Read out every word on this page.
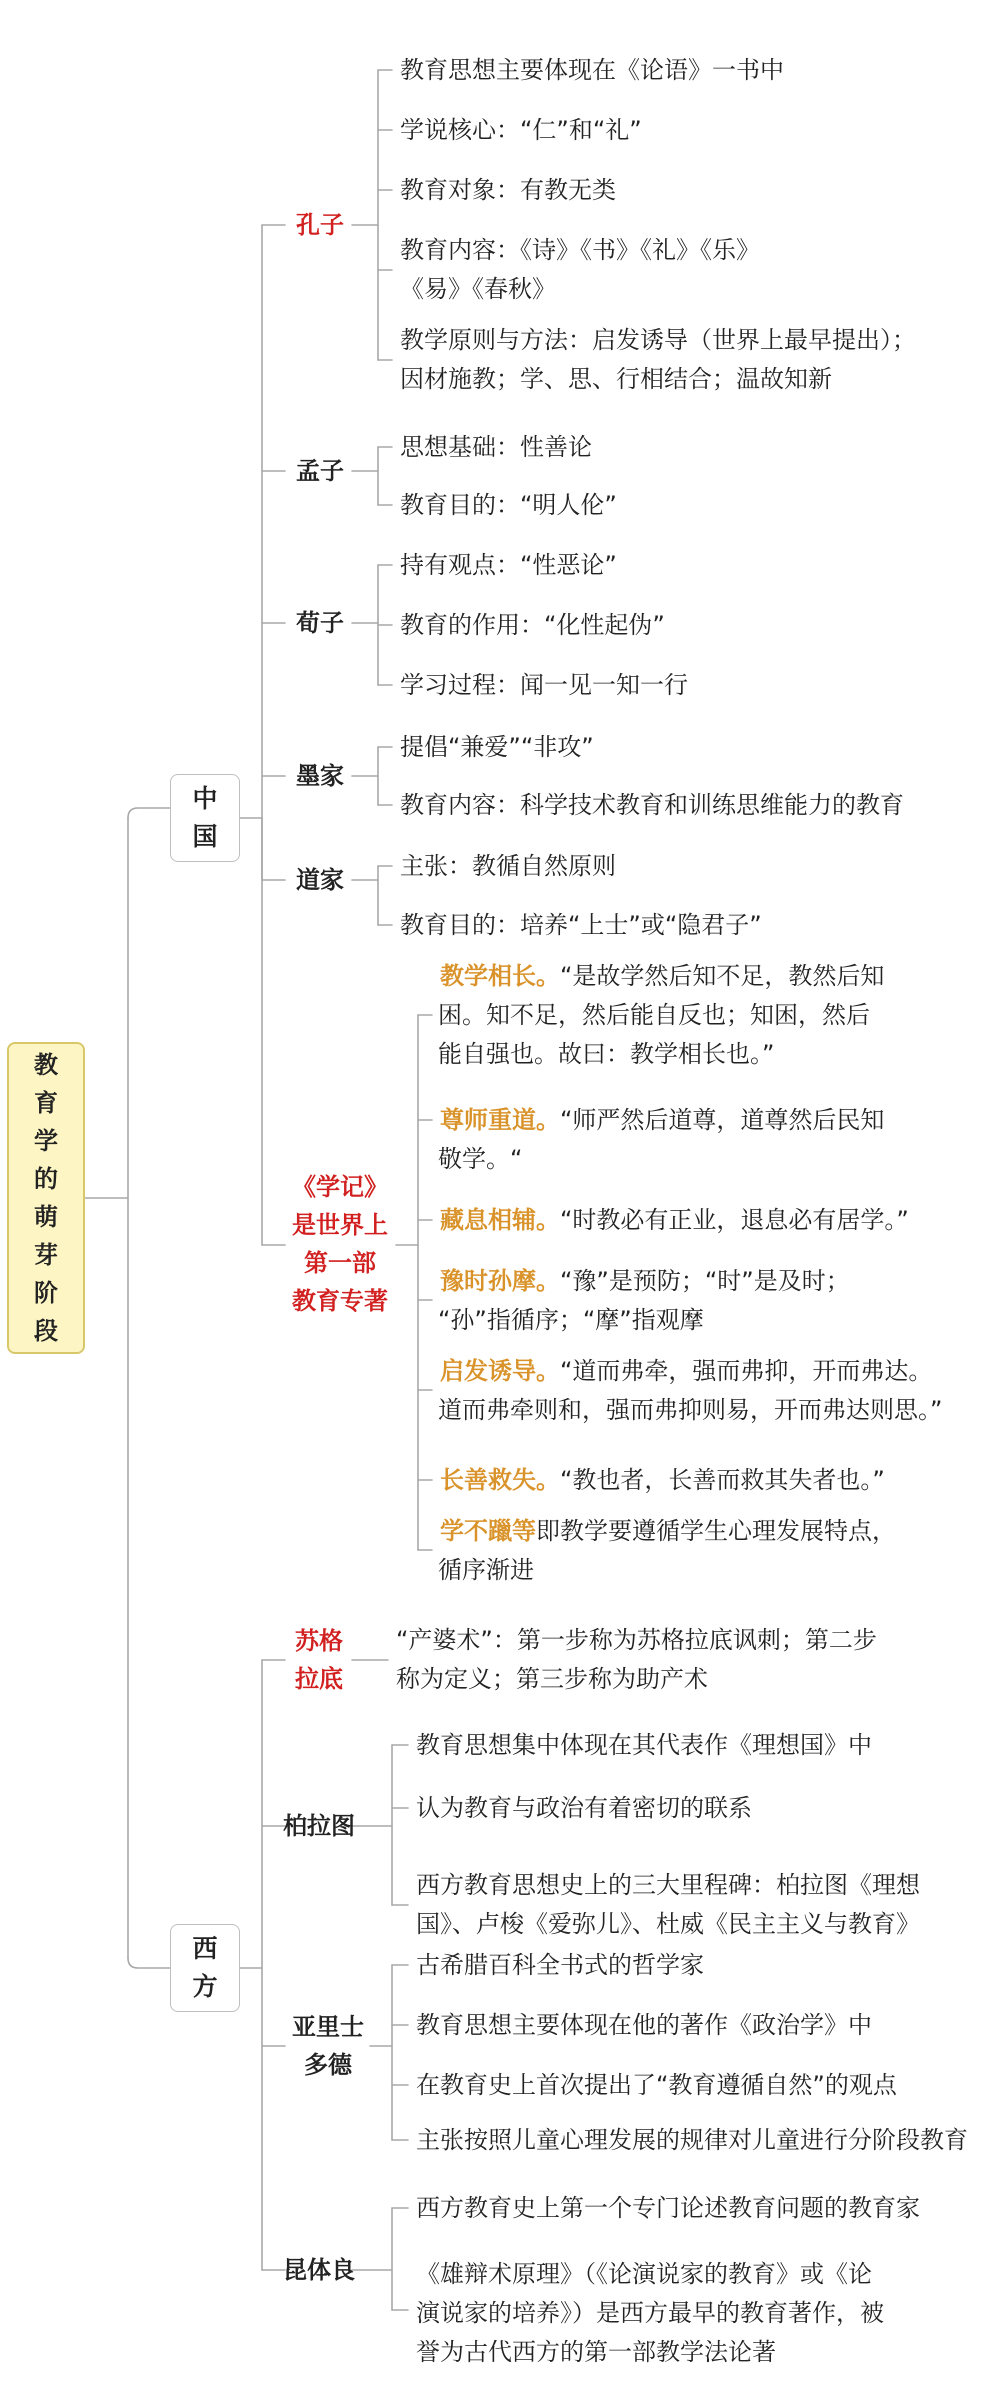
教
育
学
的
萌
芽
阶
段
中
国
西
方
孔子
孟子
荀子
墨家
道家
《学记》
是世界上
第一部
教育专著
苏格
拉底
柏拉图
亚里士
多德
昆体良
教育思想主要体现在《论语》一书中
学说核心：“仁”和“礼”
教育对象：有教无类
教育内容：《诗》《书》《礼》《乐》
《易》《春秋》
教学原则与方法：启发诱导（世界上最早提出）；
因材施教；学、思、行相结合；温故知新
思想基础：性善论
教育目的：“明人伦”
持有观点：“性恶论”
教育的作用：“化性起伪”
学习过程：闻一见一知一行
提倡“兼爱”“非攻”
教育内容：科学技术教育和训练思维能力的教育
主张：教循自然原则
教育目的：培养“上士”或“隐君子”
“产婆术”：第一步称为苏格拉底讽刺；第二步
称为定义；第三步称为助产术
教育思想集中体现在其代表作《理想国》中
认为教育与政治有着密切的联系
西方教育思想史上的三大里程碑：柏拉图《理想
国》、卢梭《爱弥儿》、杜威《民主主义与教育》
古希腊百科全书式的哲学家
教育思想主要体现在他的著作《政治学》中
在教育史上首次提出了“教育遵循自然”的观点
主张按照儿童心理发展的规律对儿童进行分阶段教育
西方教育史上第一个专门论述教育问题的教育家
《雄辩术原理》（《论演说家的教育》或《论
演说家的培养》）是西方最早的教育著作，被
誉为古代西方的第一部教学法论著
教学相长。“是故学然后知不足，教然后知
困。知不足，然后能自反也；知困，然后
能自强也。故曰：教学相长也。”
尊师重道。“师严然后道尊，道尊然后民知
敬学。“
藏息相辅。“时教必有正业，退息必有居学。”
豫时孙摩。“豫”是预防；“时”是及时；
“孙”指循序；“摩”指观摩
启发诱导。“道而弗牵，强而弗抑，开而弗达。
道而弗牵则和，强而弗抑则易，开而弗达则思。”
长善救失。“教也者，长善而救其失者也。”
学不躐等即教学要遵循学生心理发展特点，
循序渐进
